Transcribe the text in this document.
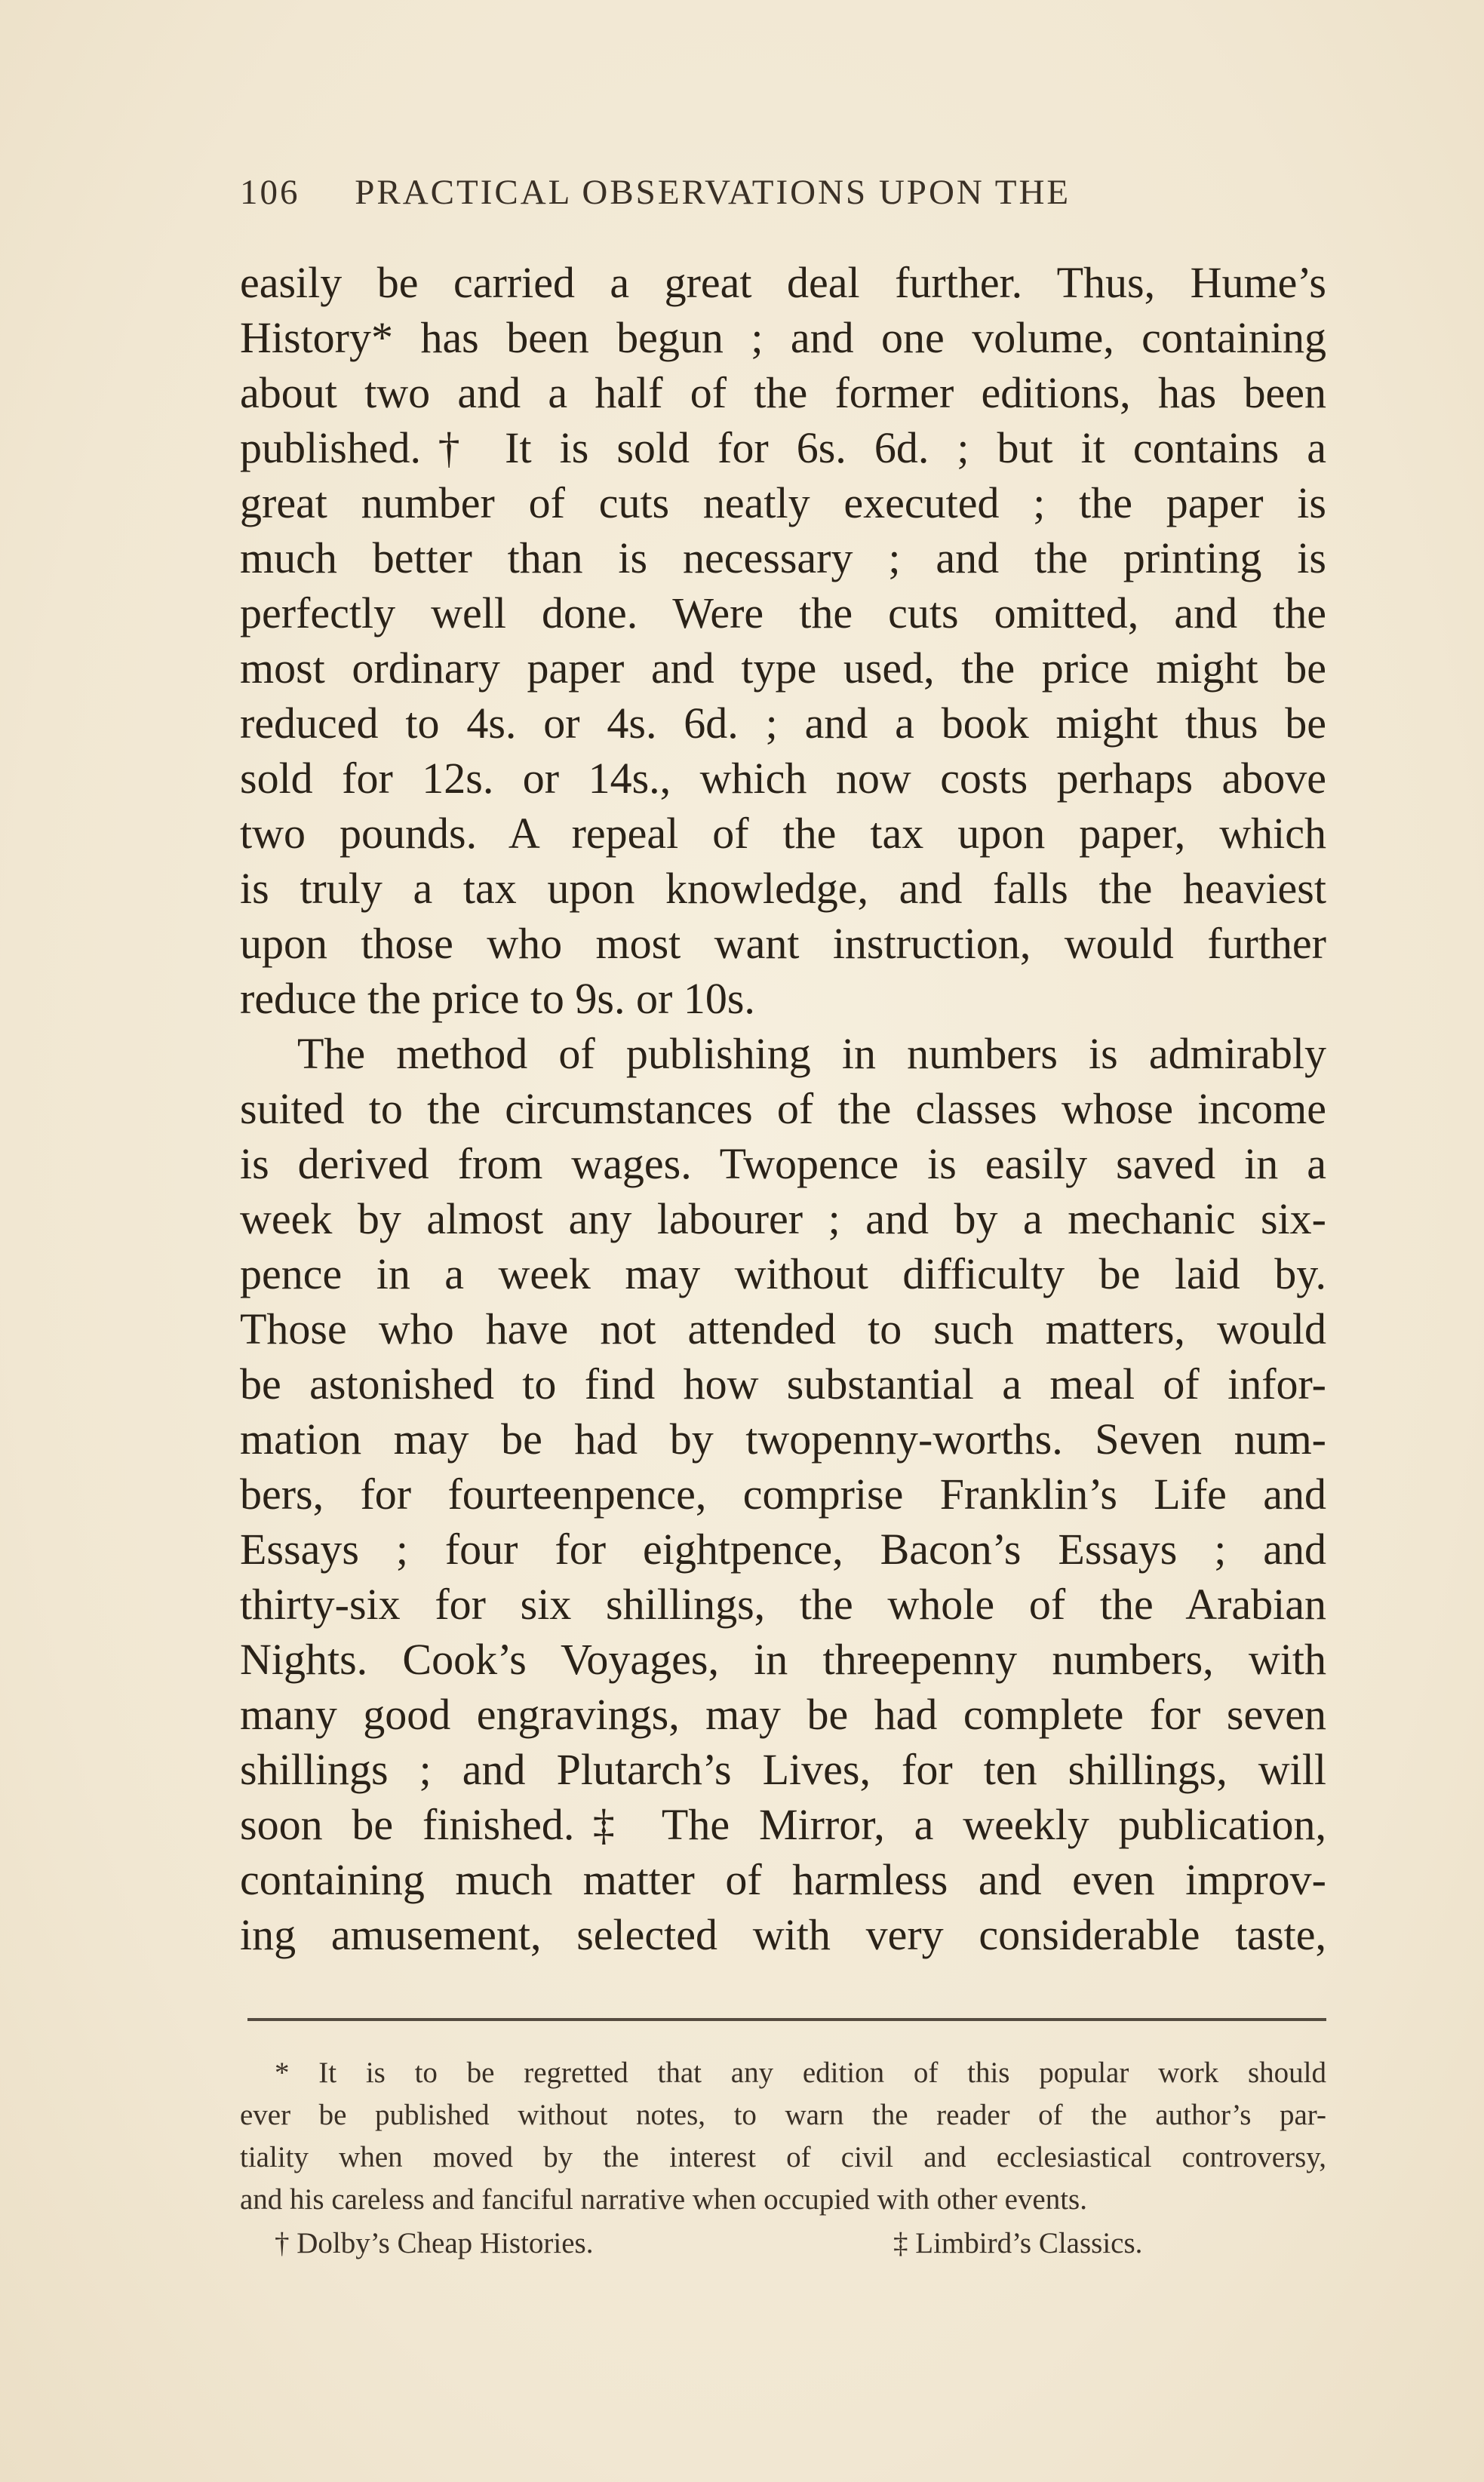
106 PRACTICAL OBSERVATIONS UPON THE
easily be carried a great deal further. Thus, Hume’s
History* has been begun ; and one volume, containing
about two and a half of the former editions, has been
published.† It is sold for 6s. 6d. ; but it contains a
great number of cuts neatly executed ; the paper is
much better than is necessary ; and the printing is
perfectly well done. Were the cuts omitted, and the
most ordinary paper and type used, the price might be
reduced to 4s. or 4s. 6d. ; and a book might thus be
sold for 12s. or 14s., which now costs perhaps above
two pounds. A repeal of the tax upon paper, which
is truly a tax upon knowledge, and falls the heaviest
upon those who most want instruction, would further
reduce the price to 9s. or 10s.
The method of publishing in numbers is admirably
suited to the circumstances of the classes whose income
is derived from wages. Twopence is easily saved in a
week by almost any labourer ; and by a mechanic six-
pence in a week may without difficulty be laid by.
Those who have not attended to such matters, would
be astonished to find how substantial a meal of infor-
mation may be had by twopenny-worths. Seven num-
bers, for fourteenpence, comprise Franklin’s Life and
Essays ; four for eightpence, Bacon’s Essays ; and
thirty-six for six shillings, the whole of the Arabian
Nights. Cook’s Voyages, in threepenny numbers, with
many good engravings, may be had complete for seven
shillings ; and Plutarch’s Lives, for ten shillings, will
soon be finished.‡ The Mirror, a weekly publication,
containing much matter of harmless and even improv-
ing amusement, selected with very considerable taste,
* It is to be regretted that any edition of this popular work should
ever be published without notes, to warn the reader of the author’s par-
tiality when moved by the interest of civil and ecclesiastical controversy,
and his careless and fanciful narrative when occupied with other events.
† Dolby’s Cheap Histories.	‡ Limbird’s Classics.
